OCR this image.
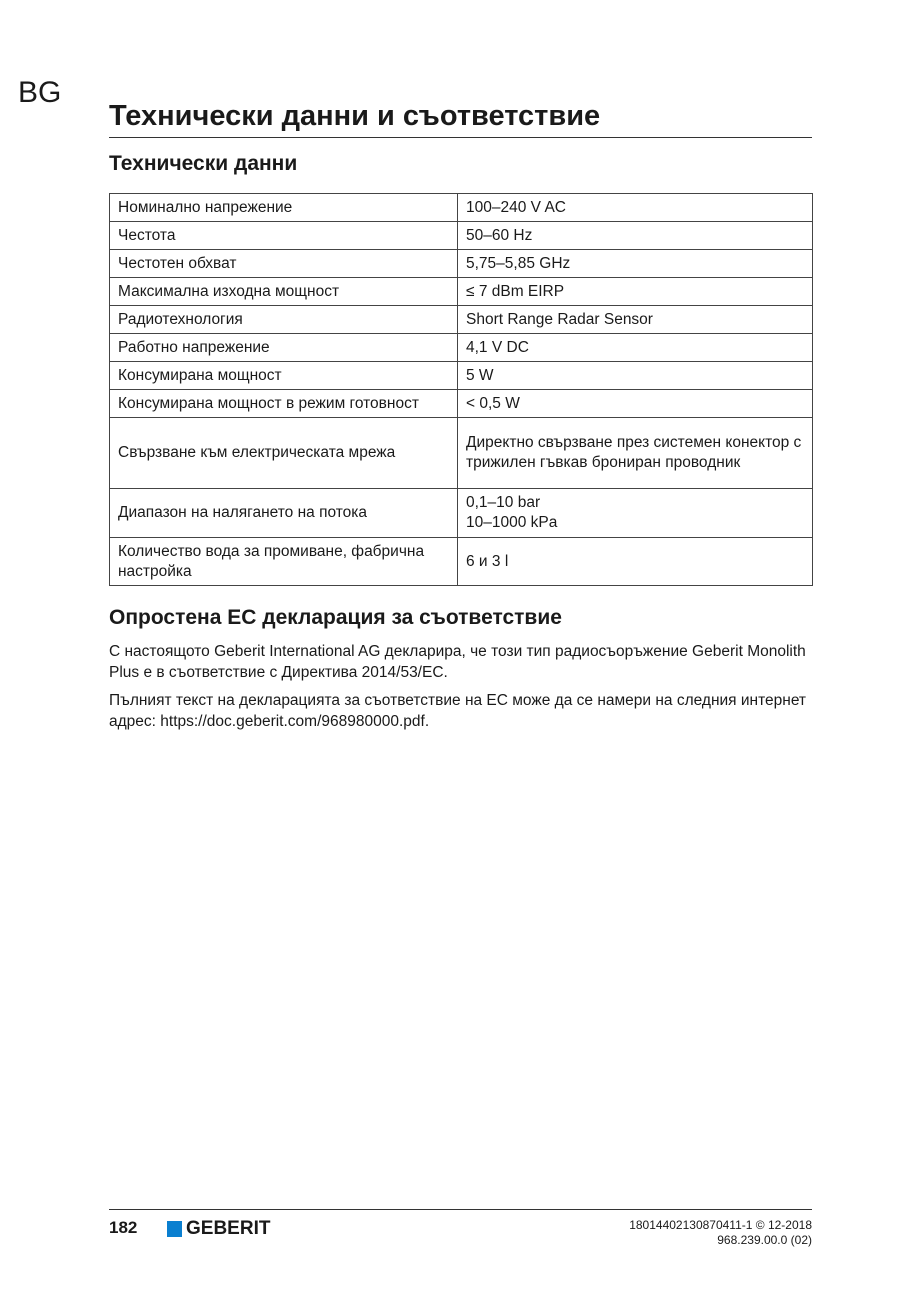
BG
Технически данни и съответствие
Технически данни
Номинално напрежение	100–240 V AC

Честота	50–60 Hz

Честотен обхват	5,75–5,85 GHz

Максимална изходна мощност	≤ 7 dBm EIRP

Радиотехнология	Short Range Radar Sensor

Работно напрежение	4,1 V DC

Консумирана мощност	5 W

Консумирана мощност в режим готовност	< 0,5 W

Свързване към електрическата мрежа	Директно свързване през системен конектор с трижилен гъвкав брониран проводник

Диапазон на налягането на потока	0,1–10 bar
10–1000 kPa

Количество вода за промиване, фабрична настройка	6 и 3 l
Опростена ЕС декларация за съответствие
С настоящото Geberit International AG декларира, че този тип радиосъоръжение Geberit Monolith Plus е в съответствие с Директива 2014/53/EC.
Пълният текст на декларацията за съответствие на ЕС може да се намери на следния интернет адрес: https://doc.geberit.com/968980000.pdf.
182	GEBERIT	18014402130870411-1 © 12-2018
968.239.00.0 (02)
